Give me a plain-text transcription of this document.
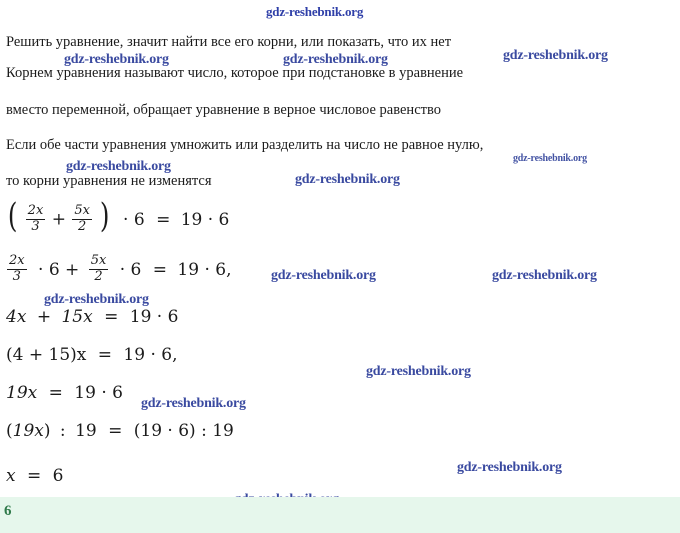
gdz-reshebnik.org
gdz-reshebnik.org	gdz-reshebnik.org	gdz-reshebnik.org
gdz-reshebnik.org
gdz-reshebnik.org
gdz-reshebnik.org
gdz-reshebnik.org	gdz-reshebnik.org
gdz-reshebnik.org
gdz-reshebnik.org
gdz-reshebnik.org
gdz-reshebnik.org
Решить уравнение, значит найти все его корни, или показать, что их нет
Корнем уравнения называют число, которое при подстановке в уравнение
вместо переменной, обращает уравнение в верное числовое равенство
Если обе части уравнения умножить или разделить на число не равное нулю,
то корни уравнения не изменятся
( $\frac{2x}{3} + \frac{5x}{2}$ ) · 6 = 19 · 6
$\frac{2x}{3} \cdot 6 + \frac{5x}{2} \cdot 6 = 19 \cdot 6$,
4x + 15x = 19 · 6
(4 + 15)x = 19 · 6,
19x = 19 · 6
(19x) : 19 = (19 · 6) : 19
x = 6
6
